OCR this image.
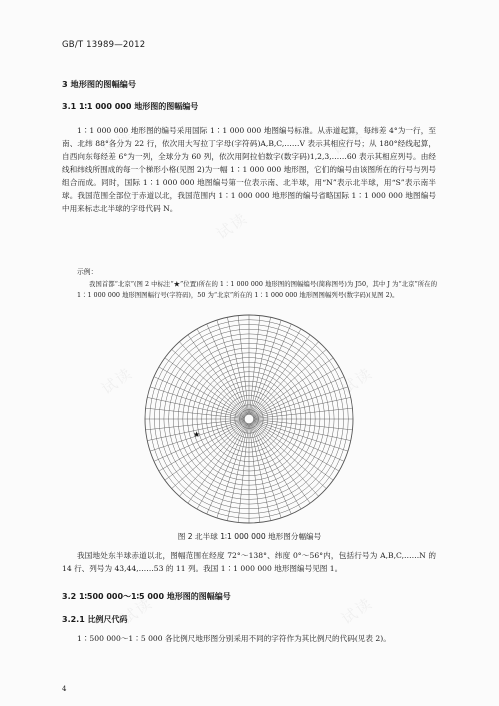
GB/T 13989—2012
3 地形图的图幅编号
3.1 1∶1 000 000 地形图的图幅编号
1∶1 000 000 地形图的编号采用国际 1∶1 000 000 地图编号标准。从赤道起算，每纬差 4°为一行，至南、北纬 88°各分为 22 行，依次用大写拉丁字母(字符码)A,B,C,……V 表示其相应行号；从 180°经线起算，自西向东每经差 6°为一列，全球分为 60 列，依次用阿拉伯数字(数字码)1,2,3,……60 表示其相应列号。由经线和纬线所围成的每一个梯形小格(见图 2)为一幅 1∶1 000 000 地形图，它们的编号由该图所在的行号与列号组合而成。同时，国际 1∶1 000 000 地图编号第一位表示南、北半球，用“N”表示北半球，用“S”表示南半球。我国范围全部位于赤道以北，我国范围内 1∶1 000 000 地形图的编号省略国际 1∶1 000 000 地图编号中用来标志北半球的字母代码 N。
示例：
我国首都“北京”(图 2 中标注“★”位置)所在的 1∶1 000 000 地形图的图幅编号(简称图号)为 J50，其中 J 为“北京”所在的 1∶1 000 000 地形图图幅行号(字符码)，50 为“北京”所在的 1∶1 000 000 地形图图幅列号(数字码)(见图 2)。
★
图 2 北半球 1∶1 000 000 地形图分幅编号
我国地处东半球赤道以北，图幅范围在经度 72°～138°、纬度 0°～56°内，包括行号为 A,B,C,……N 的 14 行、列号为 43,44,……53 的 11 列。我国 1∶1 000 000 地形图编号见图 1。
3.2 1∶500 000～1∶5 000 地形图的图幅编号
3.2.1 比例尺代码
1∶500 000～1∶5 000 各比例尺地形图分别采用不同的字符作为其比例尺的代码(见表 2)。
4
试读	试读
试读
试读	试读
试读	试读
